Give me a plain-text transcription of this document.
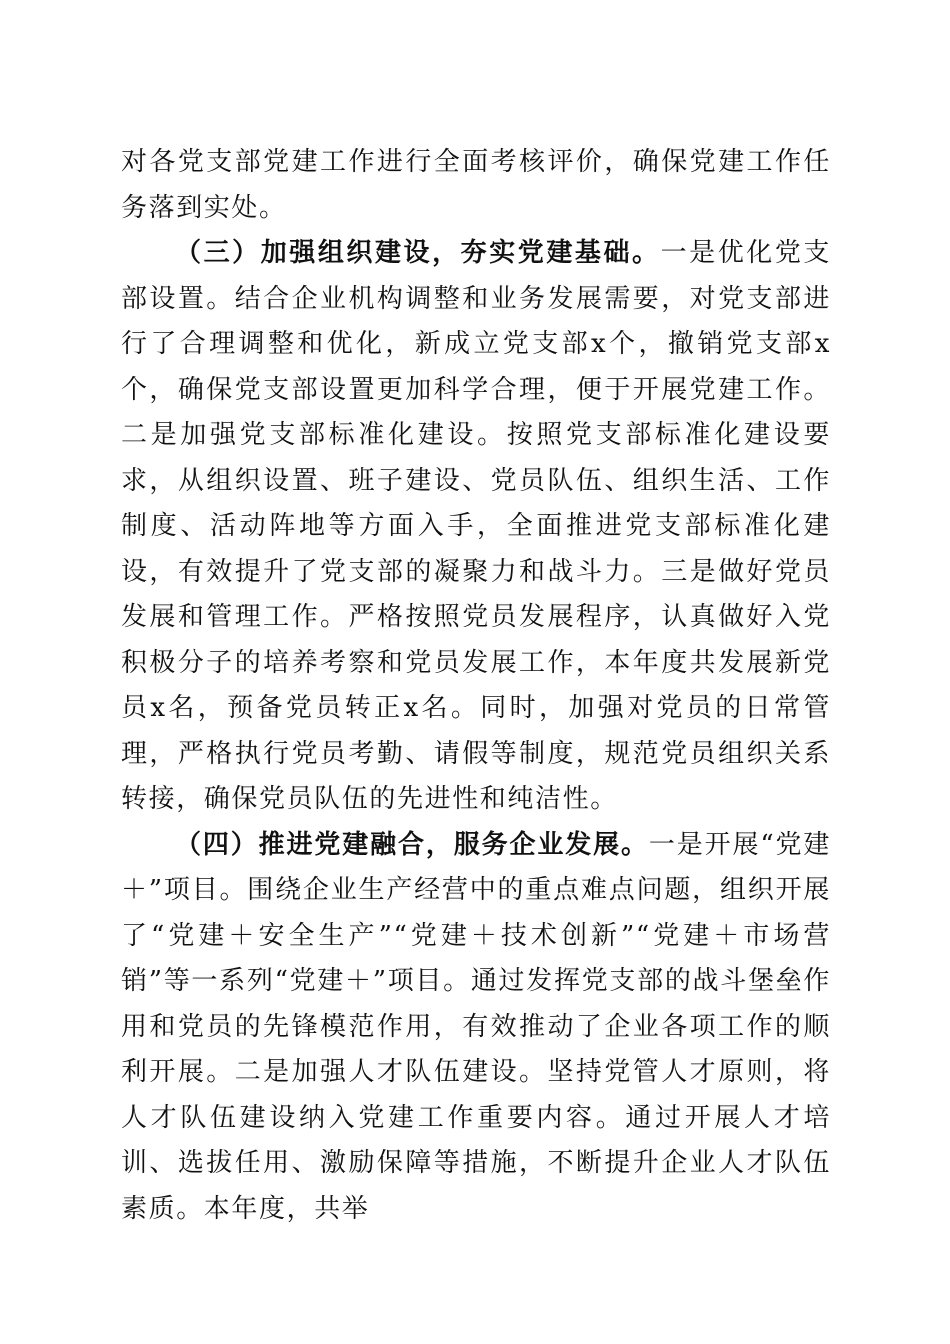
对各党支部党建工作进行全面考核评价，确保党建工作任务落到实处。

（三）加强组织建设，夯实党建基础。一是优化党支部设置。结合企业机构调整和业务发展需要，对党支部进行了合理调整和优化，新成立党支部x个，撤销党支部x个，确保党支部设置更加科学合理，便于开展党建工作。二是加强党支部标准化建设。按照党支部标准化建设要求，从组织设置、班子建设、党员队伍、组织生活、工作制度、活动阵地等方面入手，全面推进党支部标准化建设，有效提升了党支部的凝聚力和战斗力。三是做好党员发展和管理工作。严格按照党员发展程序，认真做好入党积极分子的培养考察和党员发展工作，本年度共发展新党员x名，预备党员转正x名。同时，加强对党员的日常管理，严格执行党员考勤、请假等制度，规范党员组织关系转接，确保党员队伍的先进性和纯洁性。

（四）推进党建融合，服务企业发展。一是开展“党建＋”项目。围绕企业生产经营中的重点难点问题，组织开展了“党建＋安全生产”“党建＋技术创新”“党建＋市场营销”等一系列“党建＋”项目。通过发挥党支部的战斗堡垒作用和党员的先锋模范作用，有效推动了企业各项工作的顺利开展。二是加强人才队伍建设。坚持党管人才原则，将人才队伍建设纳入党建工作重要内容。通过开展人才培训、选拔任用、激励保障等措施，不断提升企业人才队伍素质。本年度，共举
